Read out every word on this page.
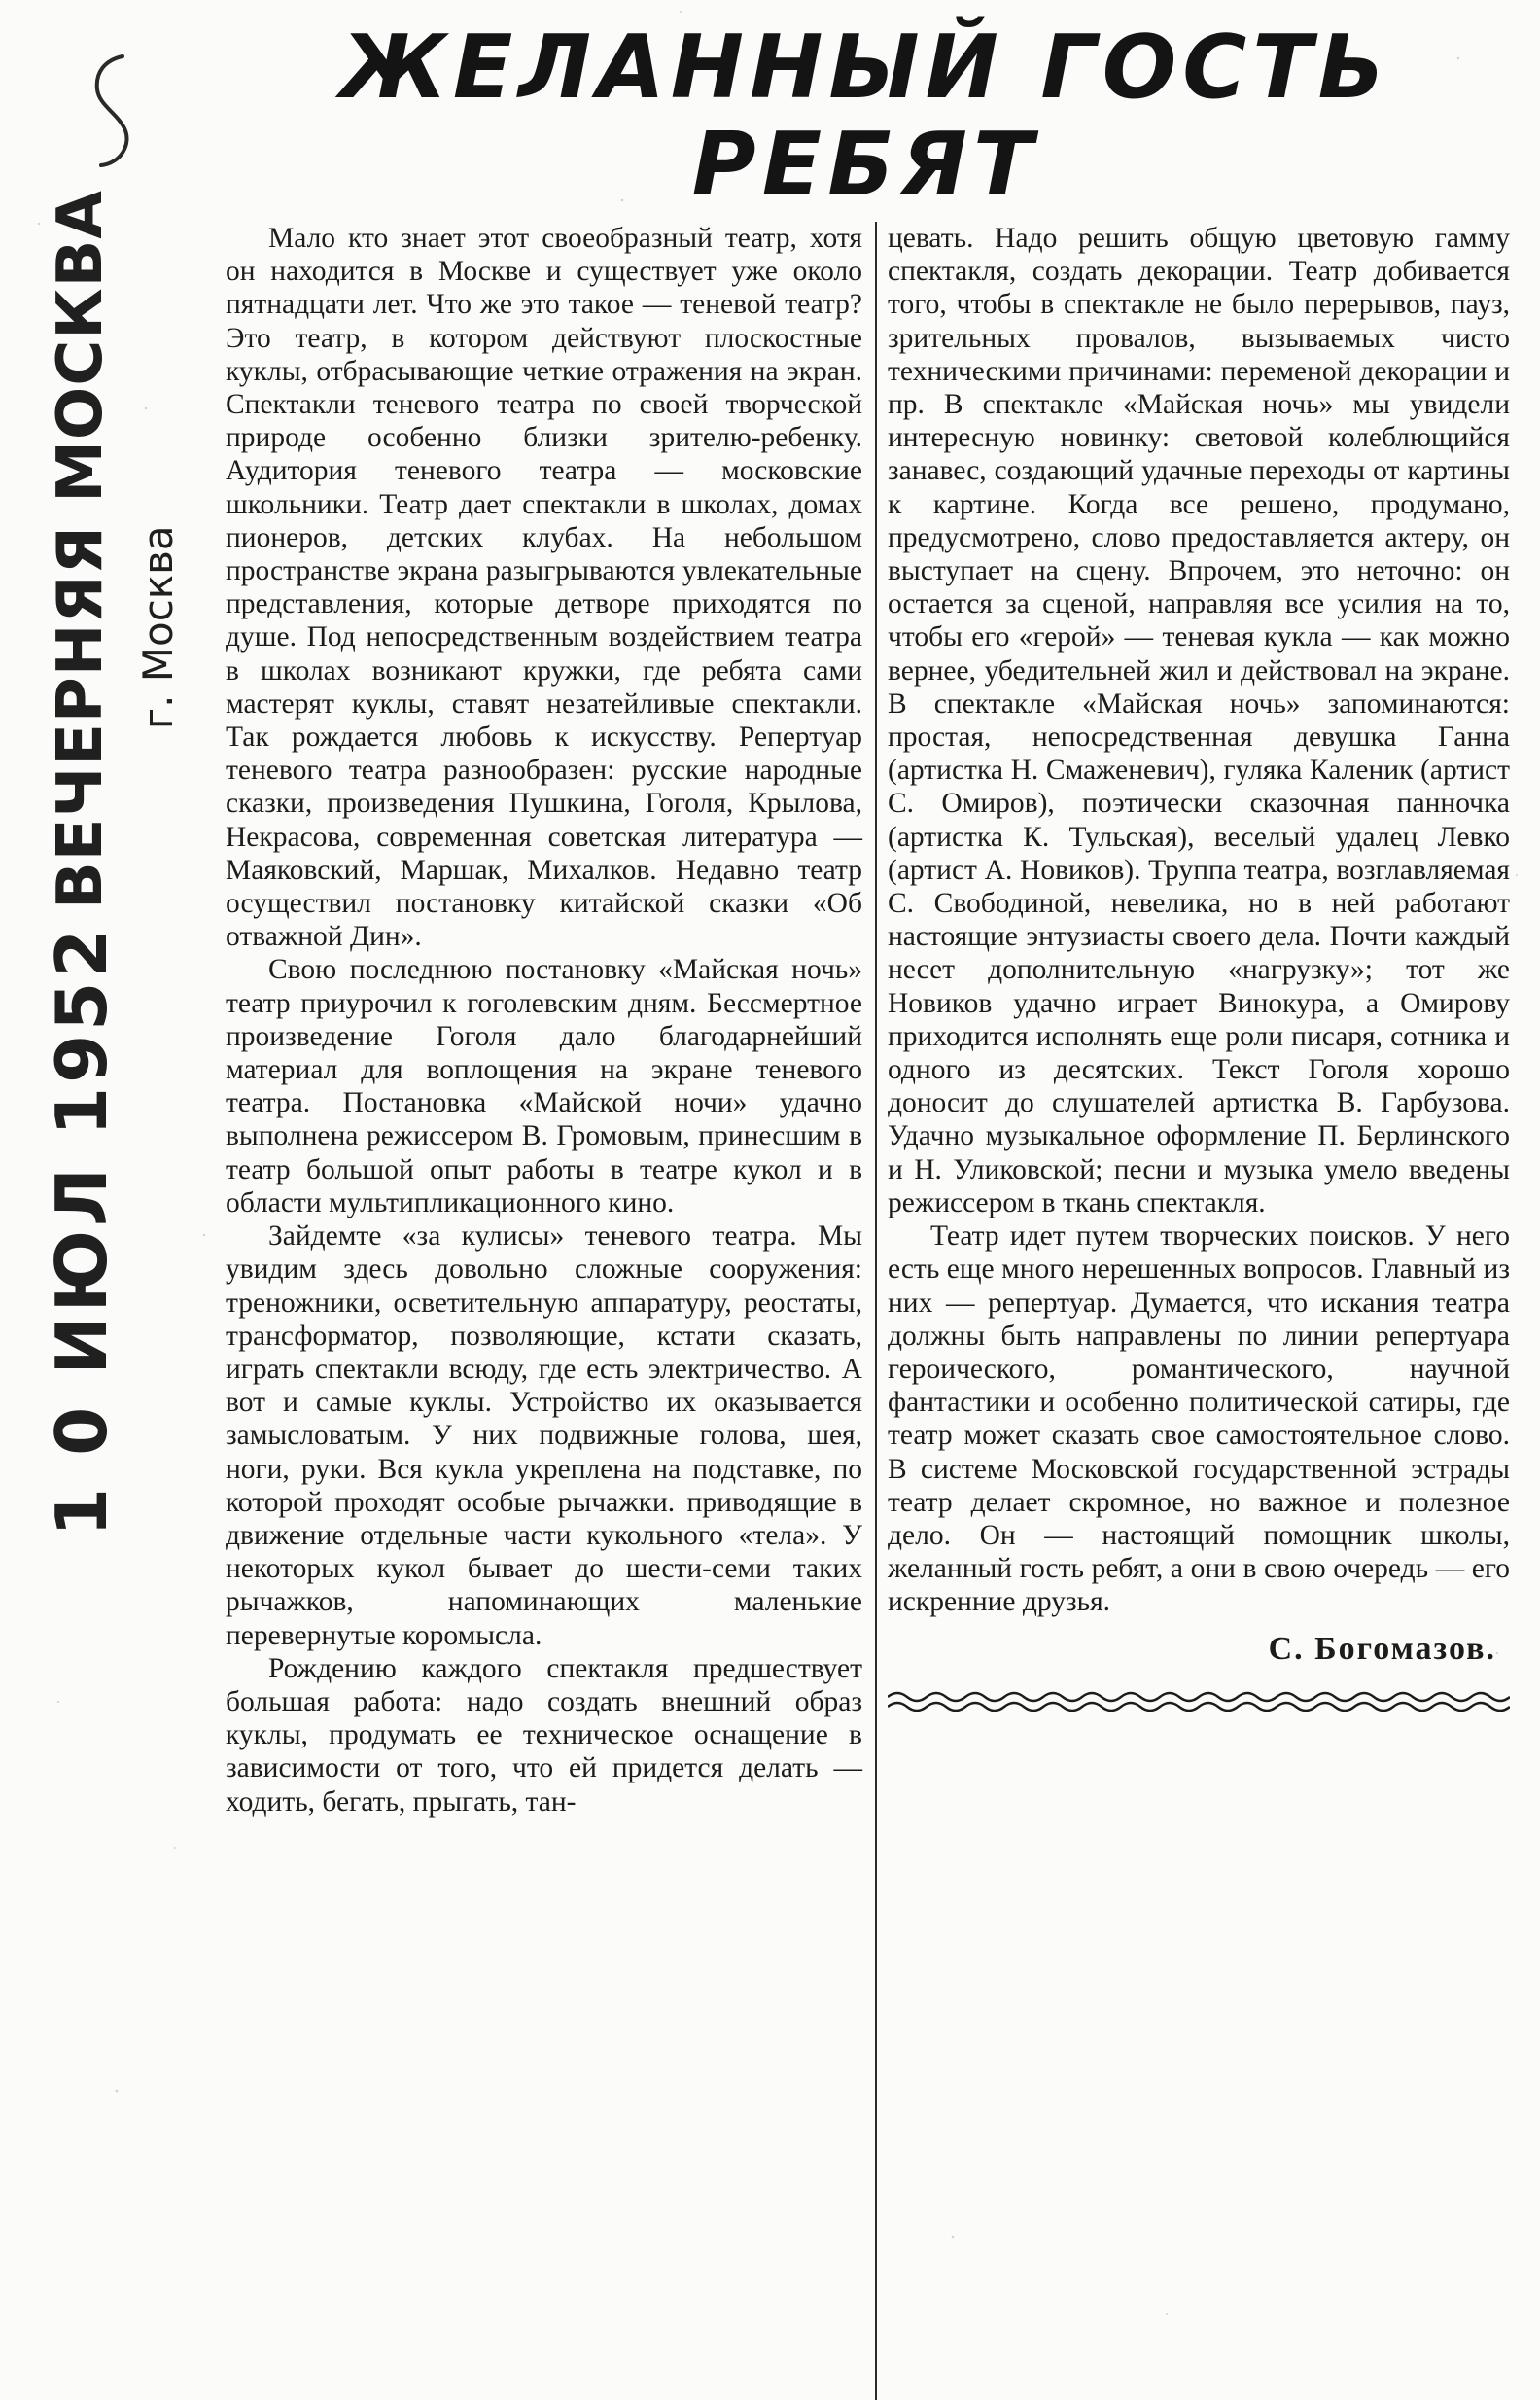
ЖЕЛАННЫЙ ГОСТЬ
РЕБЯТ
ВЕЧЕРНЯЯ МОСКВА г. Москва
1 0 ИЮЛ 1952

Мало кто знает этот своеобразный театр, хотя он находится в Москве и существует уже около пятнадцати лет. Что же это такое — теневой театр? Это театр, в котором действуют плоскостные куклы, отбрасывающие четкие отражения на экран. Спектакли теневого театра по своей творческой природе особенно близки зрителю-ребенку. Аудитория теневого театра — московские школьники. Театр дает спектакли в школах, домах пионеров, детских клубах. На небольшом пространстве экрана разыгрываются увлекательные представления, которые детворе приходятся по душе. Под непосредственным воздействием театра в школах возникают кружки, где ребята сами мастерят куклы, ставят незатейливые спектакли. Так рождается любовь к искусству. Репертуар теневого театра разнообразен: русские народные сказки, произведения Пушкина, Гоголя, Крылова, Некрасова, современная советская литература — Маяковский, Маршак, Михалков. Недавно театр осуществил постановку китайской сказки «Об отважной Дин».

Свою последнюю постановку «Майская ночь» театр приурочил к гоголевским дням. Бессмертное произведение Гоголя дало благодарнейший материал для воплощения на экране теневого театра. Постановка «Майской ночи» удачно выполнена режиссером В. Громовым, принесшим в театр большой опыт работы в театре кукол и в области мультипликационного кино.

Зайдемте «за кулисы» теневого театра. Мы увидим здесь довольно сложные сооружения: треножники, осветительную аппаратуру, реостаты, трансформатор, позволяющие, кстати сказать, играть спектакли всюду, где есть электричество. А вот и самые куклы. Устройство их оказывается замысловатым. У них подвижные голова, шея, ноги, руки. Вся кукла укреплена на подставке, по которой проходят особые рычажки. приводящие в движение отдельные части кукольного «тела». У некоторых кукол бывает до шести-семи таких рычажков, напоминающих маленькие перевернутые коромысла.

Рождению каждого спектакля предшествует большая работа: надо создать внешний образ куклы, продумать ее техническое оснащение в зависимости от того, что ей придется делать — ходить, бегать, прыгать, тан-

цевать. Надо решить общую цветовую гамму спектакля, создать декорации. Театр добивается того, чтобы в спектакле не было перерывов, пауз, зрительных провалов, вызываемых чисто техническими причинами: переменой декорации и пр. В спектакле «Майская ночь» мы увидели интересную новинку: световой колеблющийся занавес, создающий удачные переходы от картины к картине. Когда все решено, продумано, предусмотрено, слово предоставляется актеру, он выступает на сцену. Впрочем, это неточно: он остается за сценой, направляя все усилия на то, чтобы его «герой» — теневая кукла — как можно вернее, убедительней жил и действовал на экране. В спектакле «Майская ночь» запоминаются: простая, непосредственная девушка Ганна (артистка Н. Смаженевич), гуляка Каленик (артист С. Омиров), поэтически сказочная панночка (артистка К. Тульская), веселый удалец Левко (артист А. Новиков). Труппа театра, возглавляемая С. Свободиной, невелика, но в ней работают настоящие энтузиасты своего дела. Почти каждый несет дополнительную «нагрузку»; тот же Новиков удачно играет Винокура, а Омирову приходится исполнять еще роли писаря, сотника и одного из десятских. Текст Гоголя хорошо доносит до слушателей артистка В. Гарбузова. Удачно музыкальное оформление П. Берлинского и Н. Уликовской; песни и музыка умело введены режиссером в ткань спектакля.

Театр идет путем творческих поисков. У него есть еще много нерешенных вопросов. Главный из них — репертуар. Думается, что искания театра должны быть направлены по линии репертуара героического, романтического, научной фантастики и особенно политической сатиры, где театр может сказать свое самостоятельное слово. В системе Московской государственной эстрады театр делает скромное, но важное и полезное дело. Он — настоящий помощник школы, желанный гость ребят, а они в свою очередь — его искренние друзья.

С. Богомазов.
